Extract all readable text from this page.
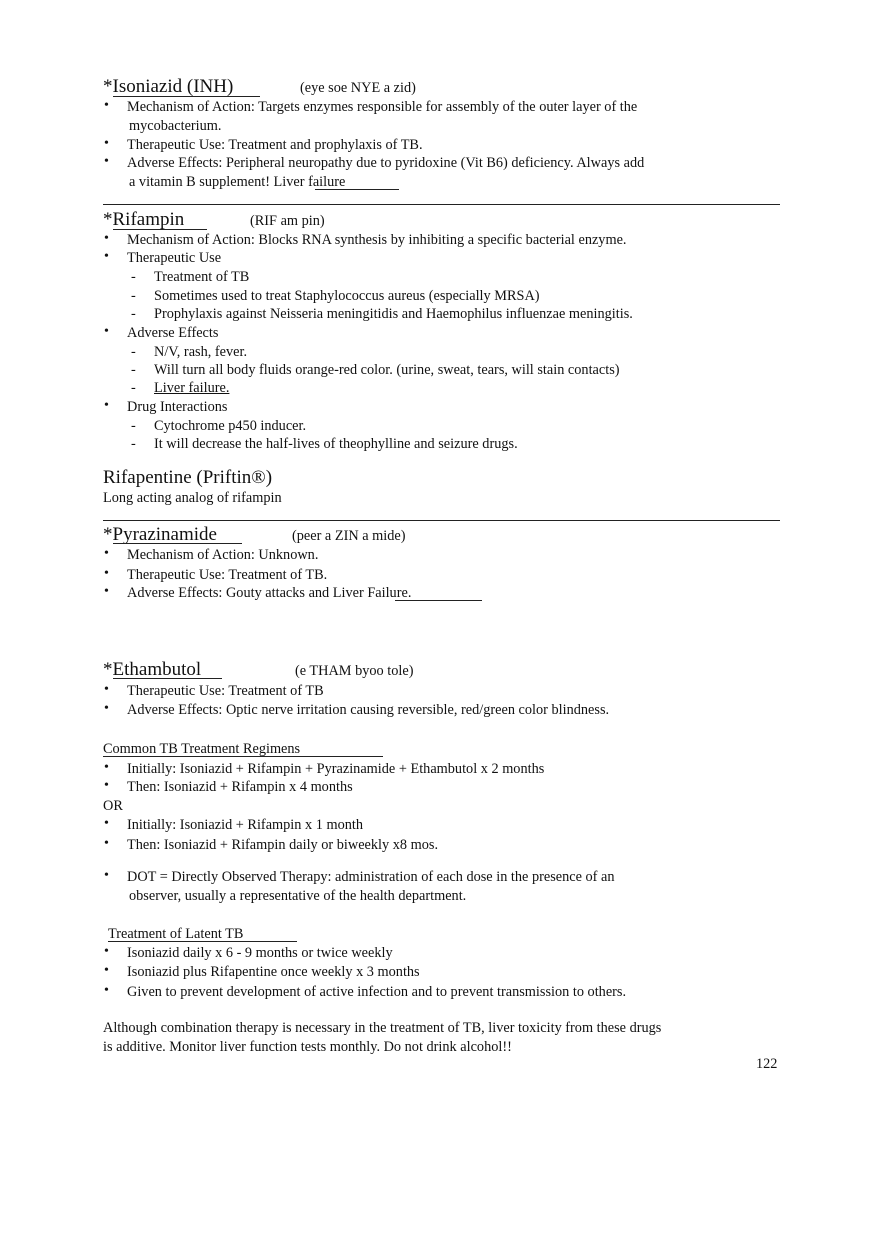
*Isoniazid (INH)	(eye soe NYE a zid)
• Mechanism of Action: Targets enzymes responsible for assembly of the outer layer of the
mycobacterium.
• Therapeutic Use: Treatment and prophylaxis of TB.
• Adverse Effects: Peripheral neuropathy due to pyridoxine (Vit B6) deficiency. Always add
a vitamin B supplement! Liver failure
*Rifampin	(RIF am pin)
• Mechanism of Action: Blocks RNA synthesis by inhibiting a specific bacterial enzyme.
• Therapeutic Use
- Treatment of TB
- Sometimes used to treat Staphylococcus aureus (especially MRSA)
- Prophylaxis against Neisseria meningitidis and Haemophilus influenzae meningitis.
• Adverse Effects
- N/V, rash, fever.
- Will turn all body fluids orange-red color. (urine, sweat, tears, will stain contacts)
- Liver failure.
• Drug Interactions
- Cytochrome p450 inducer.
- It will decrease the half-lives of theophylline and seizure drugs.
Rifapentine (Priftin®)
Long acting analog of rifampin
*Pyrazinamide	(peer a ZIN a mide)
• Mechanism of Action: Unknown.
• Therapeutic Use: Treatment of TB.
• Adverse Effects: Gouty attacks and Liver Failure.
*Ethambutol	(e THAM byoo tole)
• Therapeutic Use: Treatment of TB
• Adverse Effects: Optic nerve irritation causing reversible, red/green color blindness.
Common TB Treatment Regimens
• Initially: Isoniazid + Rifampin + Pyrazinamide + Ethambutol x 2 months
• Then: Isoniazid + Rifampin x 4 months
OR
• Initially: Isoniazid + Rifampin x 1 month
• Then: Isoniazid + Rifampin daily or biweekly x8 mos.
• DOT = Directly Observed Therapy: administration of each dose in the presence of an
observer, usually a representative of the health department.
Treatment of Latent TB
• Isoniazid daily x 6 - 9 months or twice weekly
• Isoniazid plus Rifapentine once weekly x 3 months
• Given to prevent development of active infection and to prevent transmission to others.
Although combination therapy is necessary in the treatment of TB, liver toxicity from these drugs
is additive. Monitor liver function tests monthly. Do not drink alcohol!!
122
